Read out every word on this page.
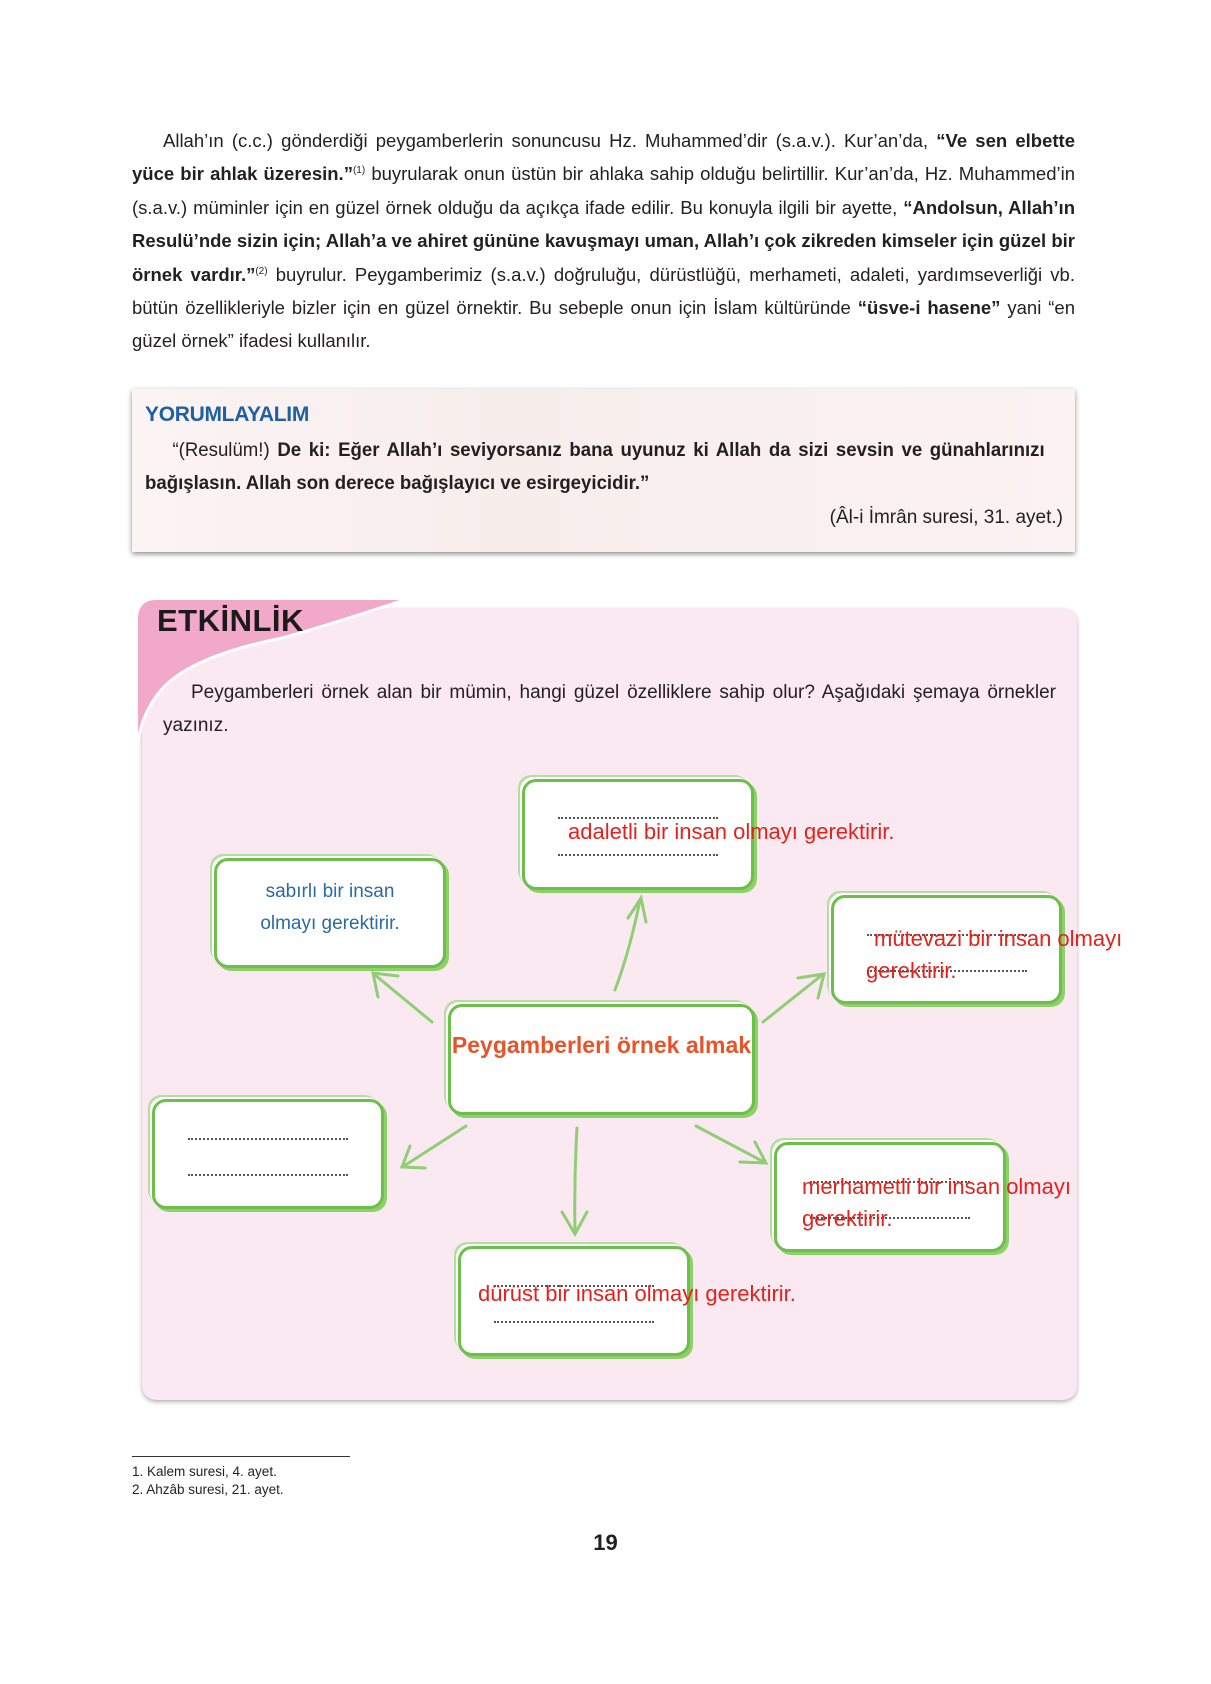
Allah’ın (c.c.) gönderdiği peygamberlerin sonuncusu Hz. Muhammed’dir (s.a.v.). Kur’an’da, “Ve sen elbette yüce bir ahlak üzeresin.”$^{(1)}$ buyrularak onun üstün bir ahlaka sahip olduğu belirtillir. Kur’an’da, Hz. Muhammed’in (s.a.v.) müminler için en güzel örnek olduğu da açıkça ifade edilir. Bu konuyla ilgili bir ayette, “Andolsun, Allah’ın Resulü’nde sizin için; Allah’a ve ahiret gününe kavuşmayı uman, Allah’ı çok zikreden kimseler için güzel bir örnek vardır.”$^{(2)}$ buyrulur. Peygamberimiz (s.a.v.) doğruluğu, dürüstlüğü, merhameti, adaleti, yardımseverliği vb. bütün özellikleriyle bizler için en güzel örnektir. Bu sebeple onun için İslam kültüründe “üsve-i hasene” yani “en güzel örnek” ifadesi kullanılır.
YORUMLAYALIM
“(Resulüm!) De ki: Eğer Allah’ı seviyorsanız bana uyunuz ki Allah da sizi sevsin ve günahlarınızı bağışlasın. Allah son derece bağışlayıcı ve esirgeyicidir.”
(Âl-i İmrân suresi, 31. ayet.)
ETKİNLİK
Peygamberleri örnek alan bir mümin, hangi güzel özelliklere sahip olur? Aşağıdaki şemaya örnekler yazınız.
sabırlı bir insan
olmayı gerektirir.
Peygamberleri örnek almak
adaletli bir insan olmayı gerektirir.
mütevazi bir insan olmayı
gerektirir.
merhametli bir insan olmayı
gerektirir.
dürüst bir insan olmayı gerektirir.
1. Kalem suresi, 4. ayet.
2. Ahzâb suresi, 21. ayet.
19
